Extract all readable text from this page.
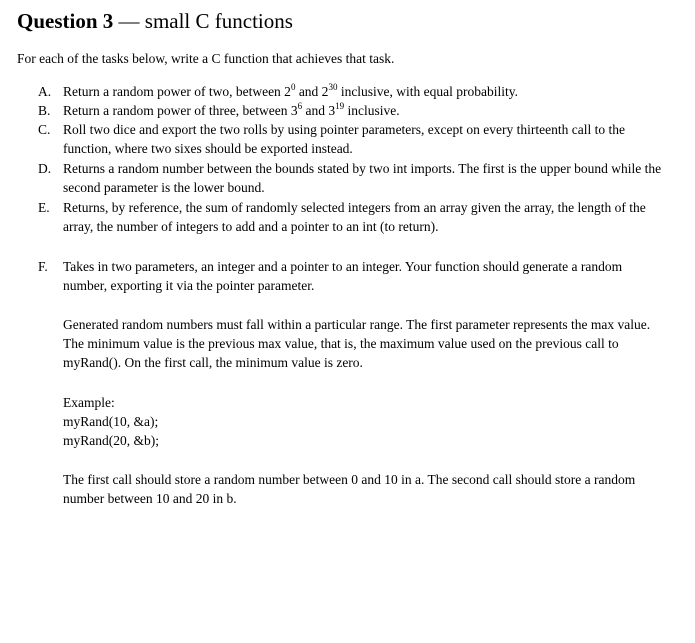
Question 3 — small C functions
For each of the tasks below, write a C function that achieves that task.
A. Return a random power of two, between $2^0$ and $2^{30}$ inclusive, with equal probability.
B. Return a random power of three, between $3^6$ and $3^{19}$ inclusive.
C. Roll two dice and export the two rolls by using pointer parameters, except on every thirteenth call to the function, where two sixes should be exported instead.
D. Returns a random number between the bounds stated by two int imports. The first is the upper bound while the second parameter is the lower bound.
E. Returns, by reference, the sum of randomly selected integers from an array given the array, the length of the array, the number of integers to add and a pointer to an int (to return).
F.	Takes in two parameters, an integer and a pointer to an integer. Your function should generate a random number, exporting it via the pointer parameter.
Generated random numbers must fall within a particular range. The first parameter represents the max value. The minimum value is the previous max value, that is, the maximum value used on the previous call to myRand(). On the first call, the minimum value is zero.
Example:
myRand(10, &a);
myRand(20, &b);
The first call should store a random number between 0 and 10 in a. The second call should store a random number between 10 and 20 in b.
